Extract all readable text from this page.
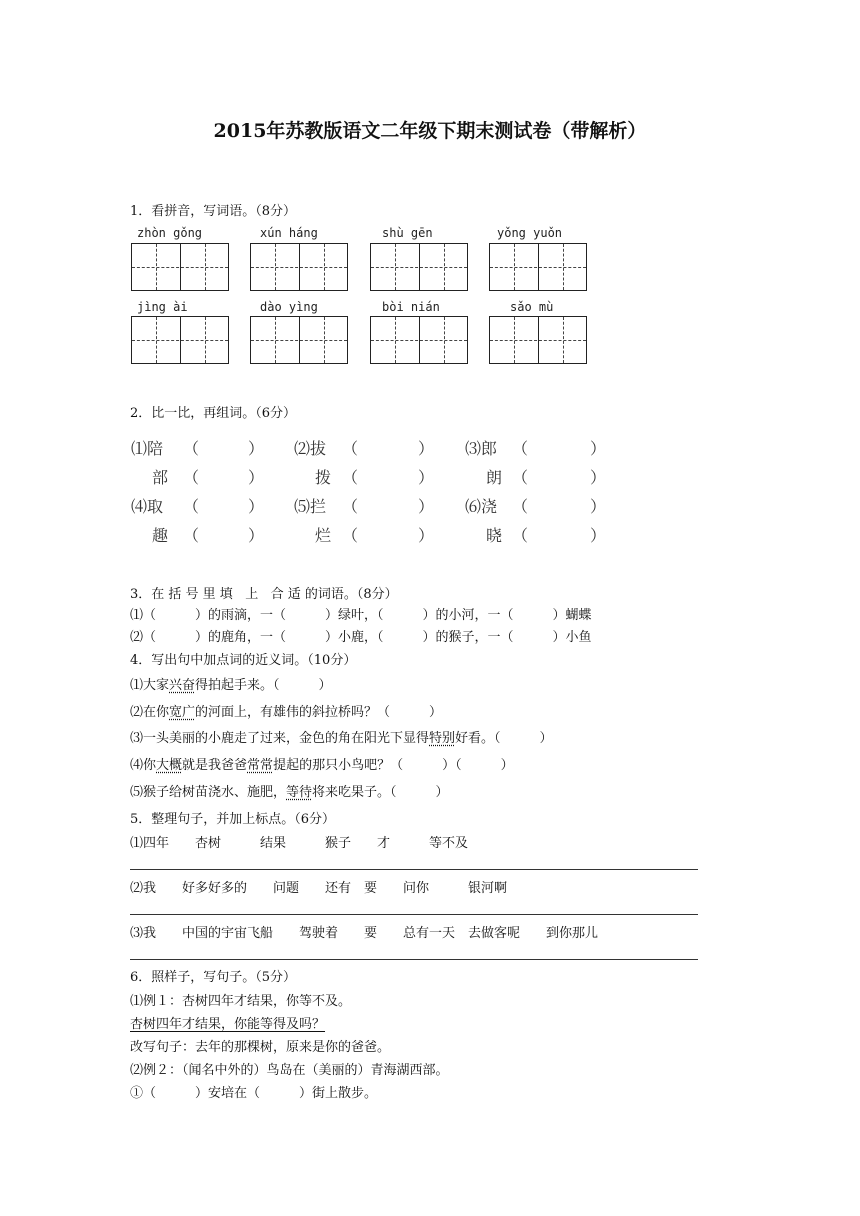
2015年苏教版语文二年级下期末测试卷（带解析）
1．看拼音，写词语。（8分）
zhòn gǒng	xún háng	shù gēn	yǒng yuǒn
jìng ài	dào yìng	bòi nián	sǎo mù
2．比一比，再组词。（6分）
⑴陪 （	） ⑵拔 （	） ⑶郎 （	）
部 （	）	拨 （	）	朗 （	）
⑷取 （	） ⑸拦 （	） ⑹浇 （	）
趣 （	）	烂 （	）	晓 （	）
3．在 括 号 里 填   上   合 适 的词语。（8分）
⑴（　　　）的雨滴，一（　　　）绿叶，（　　　）的小河，一（　　　）蝴蝶
⑵（　　　）的鹿角，一（　　　）小鹿，（　　　）的猴子，一（　　　）小鱼
4．写出句中加点词的近义词。（10分）
⑴大家兴奋得拍起手来。（　　　）
⑵在你宽广的河面上，有雄伟的斜拉桥吗？（　　　）
⑶一头美丽的小鹿走了过来，金色的角在阳光下显得特别好看。（　　　）
⑷你大概就是我爸爸常常提起的那只小鸟吧？（　　　）（　　　）
⑸猴子给树苗浇水、施肥，等待将来吃果子。（　　　）
5．整理句子，并加上标点。（6分）
⑴四年　　杏树　　　结果　　　猴子　　才　　　等不及
⑵我　　好多好多的　　问题　　还有　要　　问你　　　银河啊
⑶我　　中国的宇宙飞船　　驾驶着　　要　　总有一天　去做客呢　　到你那儿
6．照样子，写句子。（5分）
⑴例１：杏树四年才结果，你等不及。
杏树四年才结果，你能等得及吗？
改写句子：去年的那棵树，原来是你的爸爸。
⑵例２：（闻名中外的）鸟岛在（美丽的）青海湖西部。
①（　　　）安培在（　　　）街上散步。
